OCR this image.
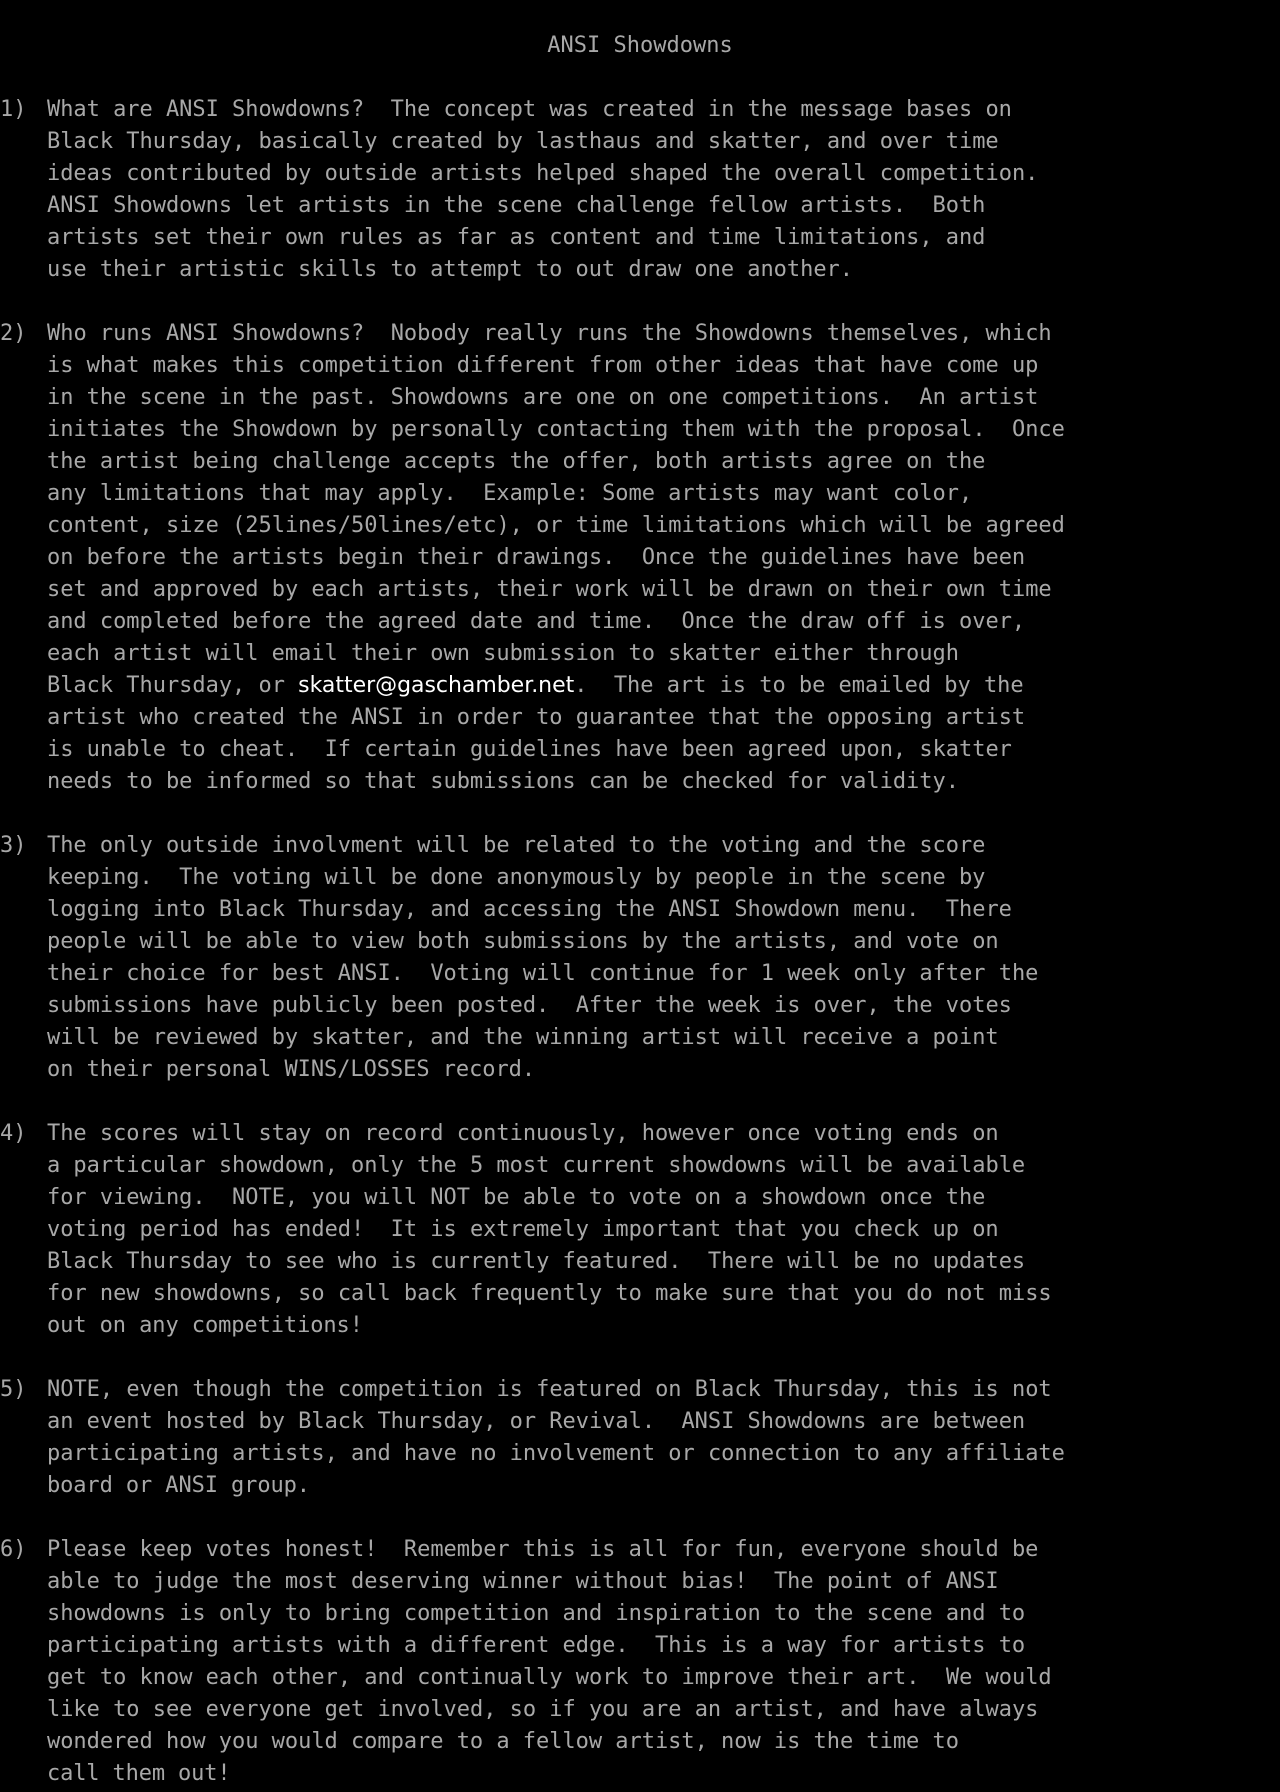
ANSI Showdowns
1) What are ANSI Showdowns?  The concept was created in the message bases on
Black Thursday, basically created by lasthaus and skatter, and over time
ideas contributed by outside artists helped shaped the overall competition.
ANSI Showdowns let artists in the scene challenge fellow artists.  Both
artists set their own rules as far as content and time limitations, and
use their artistic skills to attempt to out draw one another.
2) Who runs ANSI Showdowns?  Nobody really runs the Showdowns themselves, which
is what makes this competition different from other ideas that have come up
in the scene in the past. Showdowns are one on one competitions.  An artist
initiates the Showdown by personally contacting them with the proposal.  Once
the artist being challenge accepts the offer, both artists agree on the
any limitations that may apply.  Example: Some artists may want color,
content, size (25lines/50lines/etc), or time limitations which will be agreed
on before the artists begin their drawings.  Once the guidelines have been
set and approved by each artists, their work will be drawn on their own time
and completed before the agreed date and time.  Once the draw off is over,
each artist will email their own submission to skatter either through
Black Thursday, or skatter@gaschamber.net.  The art is to be emailed by the
artist who created the ANSI in order to guarantee that the opposing artist
is unable to cheat.  If certain guidelines have been agreed upon, skatter
needs to be informed so that submissions can be checked for validity.
3) The only outside involvment will be related to the voting and the score
keeping.  The voting will be done anonymously by people in the scene by
logging into Black Thursday, and accessing the ANSI Showdown menu.  There
people will be able to view both submissions by the artists, and vote on
their choice for best ANSI.  Voting will continue for 1 week only after the
submissions have publicly been posted.  After the week is over, the votes
will be reviewed by skatter, and the winning artist will receive a point
on their personal WINS/LOSSES record.
4) The scores will stay on record continuously, however once voting ends on
a particular showdown, only the 5 most current showdowns will be available
for viewing.  NOTE, you will NOT be able to vote on a showdown once the
voting period has ended!  It is extremely important that you check up on
Black Thursday to see who is currently featured.  There will be no updates
for new showdowns, so call back frequently to make sure that you do not miss
out on any competitions!
5) NOTE, even though the competition is featured on Black Thursday, this is not
an event hosted by Black Thursday, or Revival.  ANSI Showdowns are between
participating artists, and have no involvement or connection to any affiliate
board or ANSI group.
6) Please keep votes honest!  Remember this is all for fun, everyone should be
able to judge the most deserving winner without bias!  The point of ANSI
showdowns is only to bring competition and inspiration to the scene and to
participating artists with a different edge.  This is a way for artists to
get to know each other, and continually work to improve their art.  We would
like to see everyone get involved, so if you are an artist, and have always
wondered how you would compare to a fellow artist, now is the time to
call them out!
